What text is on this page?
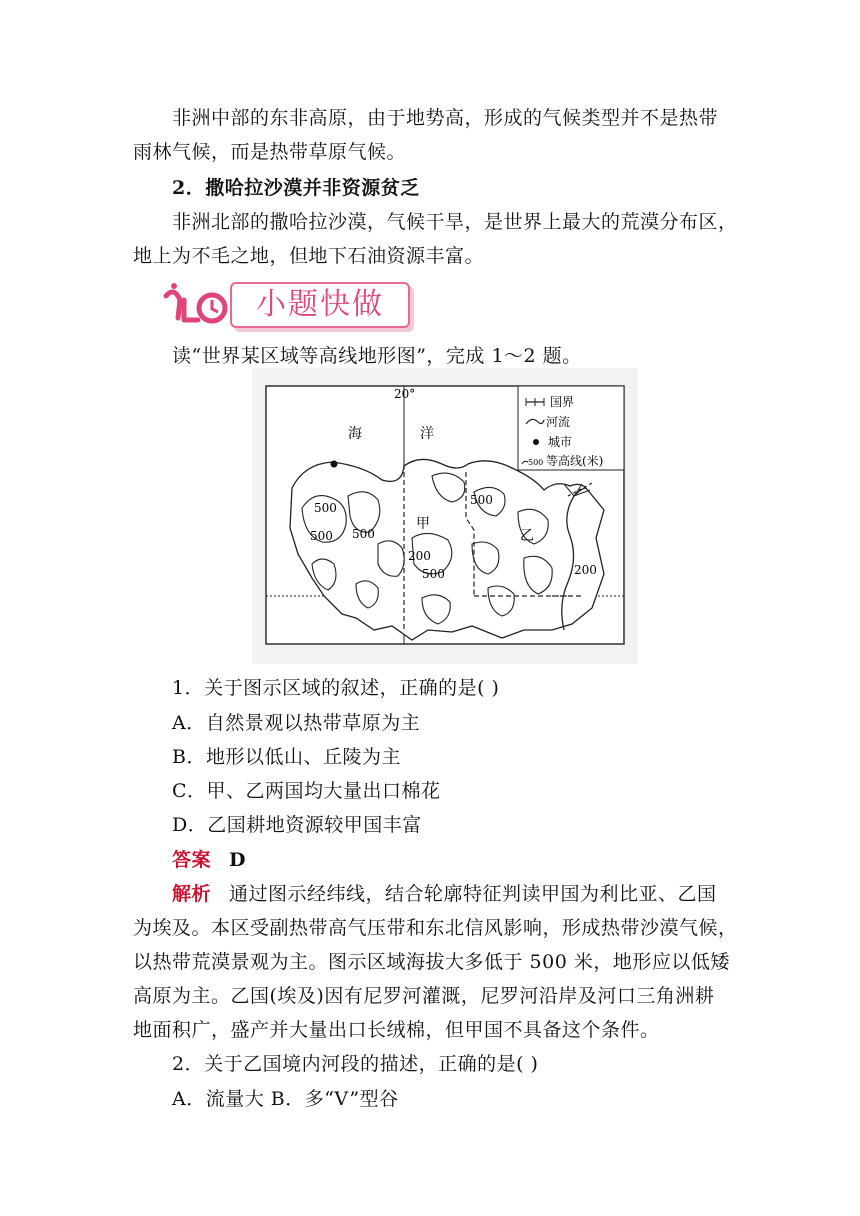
非洲中部的东非高原，由于地势高，形成的气候类型并不是热带
雨林气候，而是热带草原气候。
2．撒哈拉沙漠并非资源贫乏
非洲北部的撒哈拉沙漠，气候干旱，是世界上最大的荒漠分布区，
地上为不毛之地，但地下石油资源丰富。
小题快做
读“世界某区域等高线地形图”，完成 1～2 题。
20°
海	洋
甲
乙
500
500 500
500
200
500	200
国界
河流
城市
500 等高线(米)
1．关于图示区域的叙述，正确的是( )
A．自然景观以热带草原为主
B．地形以低山、丘陵为主
C．甲、乙两国均大量出口棉花
D．乙国耕地资源较甲国丰富
答案 D
解析 通过图示经纬线，结合轮廓特征判读甲国为利比亚、乙国
为埃及。本区受副热带高气压带和东北信风影响，形成热带沙漠气候，
以热带荒漠景观为主。图示区域海拔大多低于 500 米，地形应以低矮
高原为主。乙国(埃及)因有尼罗河灌溉，尼罗河沿岸及河口三角洲耕
地面积广，盛产并大量出口长绒棉，但甲国不具备这个条件。
2．关于乙国境内河段的描述，正确的是( )
A．流量大 B．多“V”型谷
